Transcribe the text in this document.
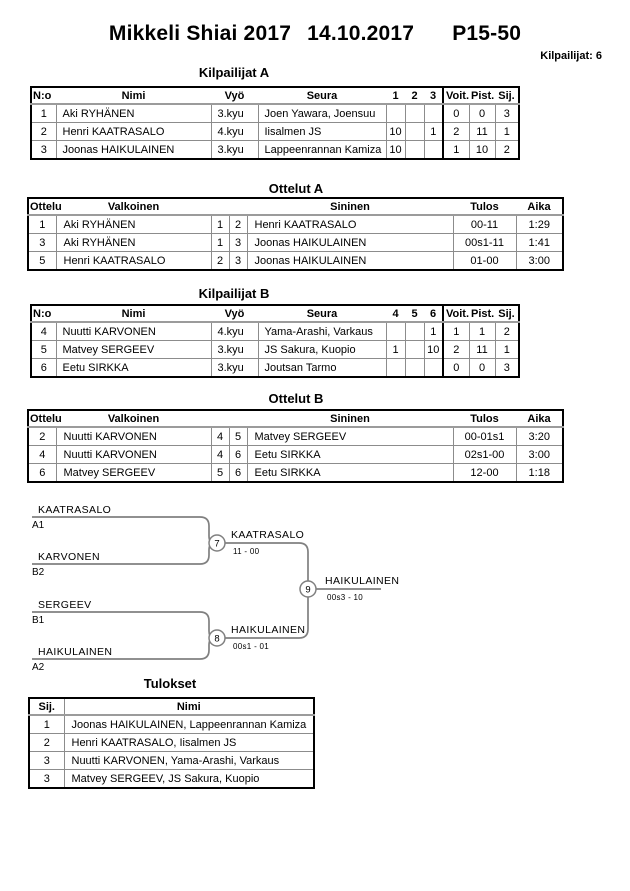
Mikkeli Shiai 2017 14.10.2017 P15-50
Kilpailijat: 6
Kilpailijat A
N:o	Nimi	Vyö	Seura	1	2	3	Voit.	Pist.	Sij.
1	Aki RYHÄNEN	3.kyu	Joen Yawara, Joensuu				0	0	3
2	Henri KAATRASALO	4.kyu	Iisalmen JS	10		1	2	11	1
3	Joonas HAIKULAINEN	3.kyu	Lappeenrannan Kamiza	10			1	10	2
Ottelut A
Ottelu	Valkoinen			Sininen	Tulos	Aika
1	Aki RYHÄNEN	1	2	Henri KAATRASALO	00-11	1:29
3	Aki RYHÄNEN	1	3	Joonas HAIKULAINEN	00s1-11	1:41
5	Henri KAATRASALO	2	3	Joonas HAIKULAINEN	01-00	3:00
Kilpailijat B
N:o	Nimi	Vyö	Seura	4	5	6	Voit.	Pist.	Sij.
4	Nuutti KARVONEN	4.kyu	Yama-Arashi, Varkaus			1	1	1	2
5	Matvey SERGEEV	3.kyu	JS Sakura, Kuopio	1		10	2	11	1
6	Eetu SIRKKA	3.kyu	Joutsan Tarmo				0	0	3
Ottelut B
Ottelu	Valkoinen			Sininen	Tulos	Aika
2	Nuutti KARVONEN	4	5	Matvey SERGEEV	00-01s1	3:20
4	Nuutti KARVONEN	4	6	Eetu SIRKKA	02s1-00	3:00
6	Matvey SERGEEV	5	6	Eetu SIRKKA	12-00	1:18
7
8
9
KAATRASALO
A1
KARVONEN
B2
KAATRASALO
11 - 00
SERGEEV
B1
HAIKULAINEN
A2
HAIKULAINEN
00s1 - 01
HAIKULAINEN
00s3 - 10
Tulokset
Sij.	Nimi
1	Joonas HAIKULAINEN, Lappeenrannan Kamiza
2	Henri KAATRASALO, Iisalmen JS
3	Nuutti KARVONEN, Yama-Arashi, Varkaus
3	Matvey SERGEEV, JS Sakura, Kuopio
